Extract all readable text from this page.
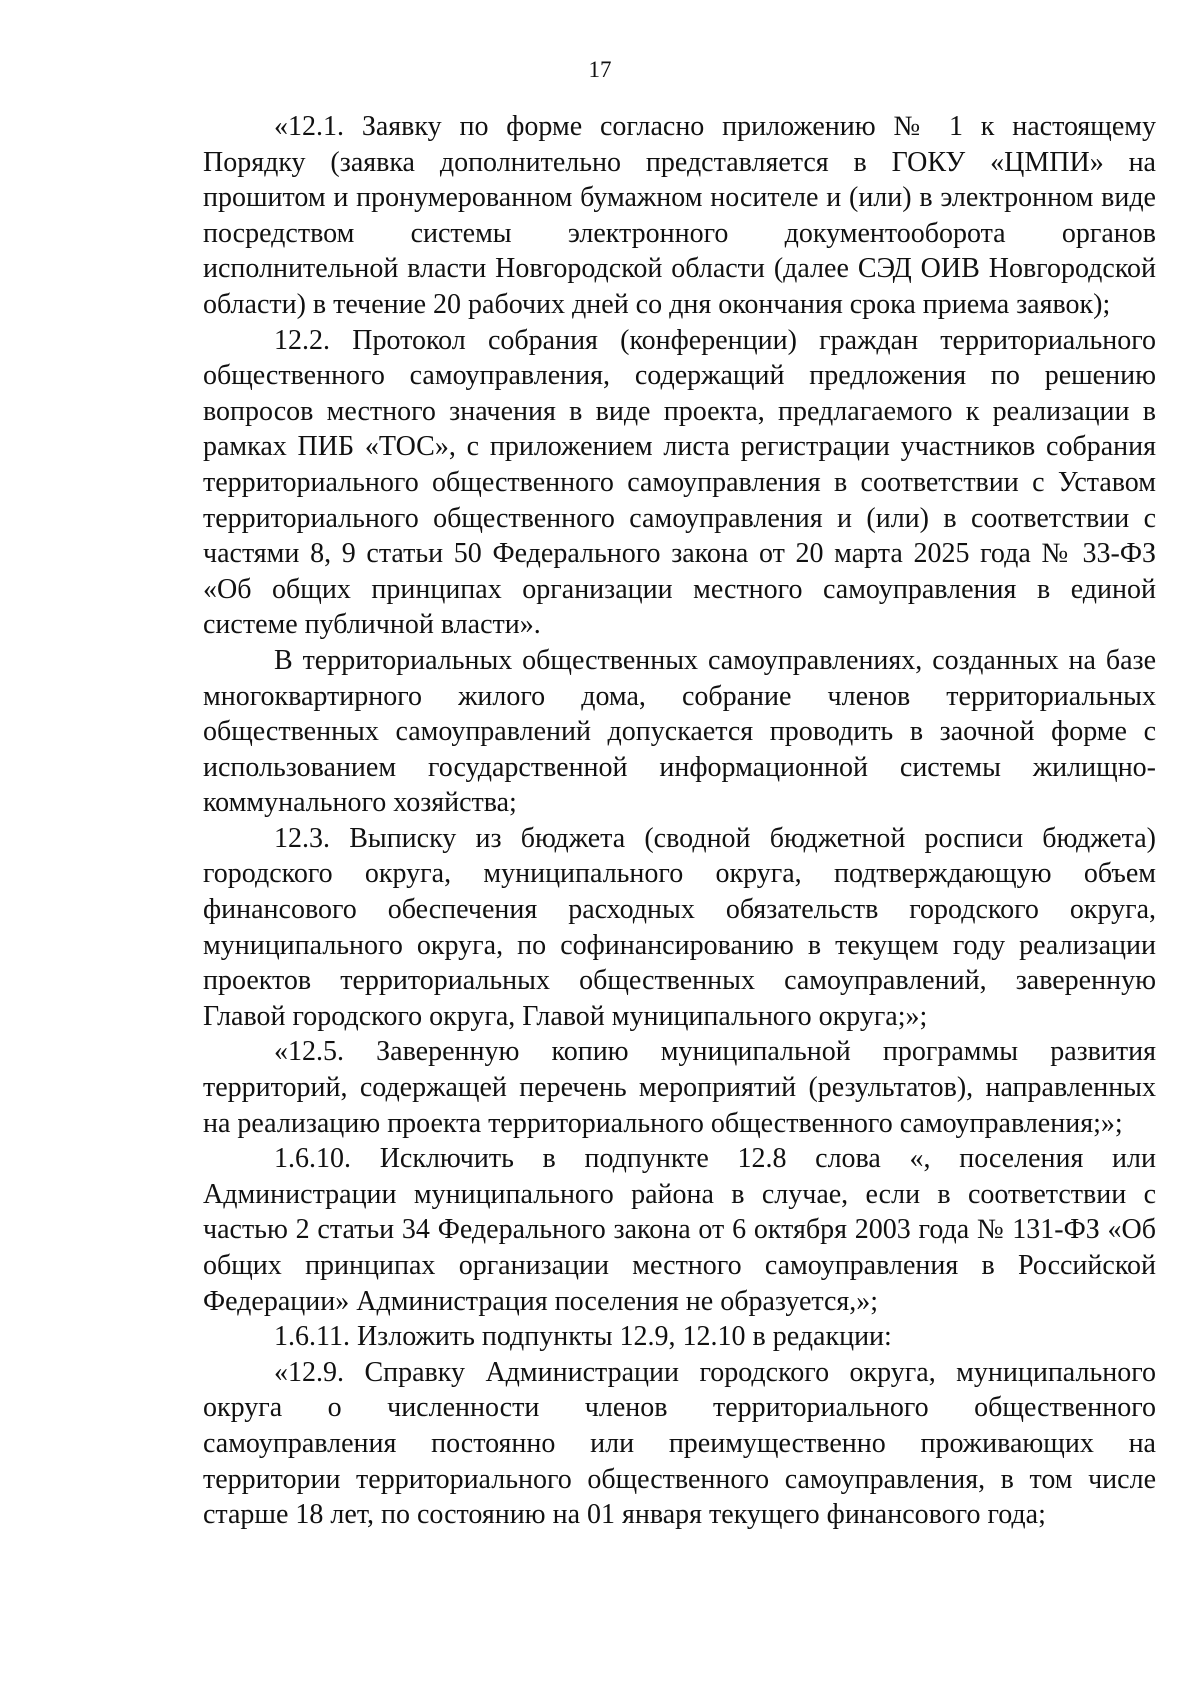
17

«12.1. Заявку по форме согласно приложению № 1 к настоящему Порядку (заявка дополнительно представляется в ГОКУ «ЦМПИ» на прошитом и пронумерованном бумажном носителе и (или) в электронном виде посредством системы электронного документооборота органов исполнительной власти Новгородской области (далее СЭД ОИВ Новгородской области) в течение 20 рабочих дней со дня окончания срока приема заявок);

12.2. Протокол собрания (конференции) граждан территориального общественного самоуправления, содержащий предложения по решению вопросов местного значения в виде проекта, предлагаемого к реализации в рамках ПИБ «ТОС», с приложением листа регистрации участников собрания территориального общественного самоуправления в соответствии с Уставом территориального общественного самоуправления и (или) в соответствии с частями 8, 9 статьи 50 Федерального закона от 20 марта 2025 года № 33-ФЗ «Об общих принципах организации местного самоуправления в единой системе публичной власти».

В территориальных общественных самоуправлениях, созданных на базе многоквартирного жилого дома, собрание членов территориальных общественных самоуправлений допускается проводить в заочной форме с использованием государственной информационной системы жилищно-коммунального хозяйства;

12.3. Выписку из бюджета (сводной бюджетной росписи бюджета) городского округа, муниципального округа, подтверждающую объем финансового обеспечения расходных обязательств городского округа, муниципального округа, по софинансированию в текущем году реализации проектов территориальных общественных самоуправлений, заверенную Главой городского округа, Главой муниципального округа;»;

«12.5. Заверенную копию муниципальной программы развития территорий, содержащей перечень мероприятий (результатов), направленных на реализацию проекта территориального общественного самоуправления;»;

1.6.10. Исключить в подпункте 12.8 слова «, поселения или Администрации муниципального района в случае, если в соответствии с частью 2 статьи 34 Федерального закона от 6 октября 2003 года № 131-ФЗ «Об общих принципах организации местного самоуправления в Российской Федерации» Администрация поселения не образуется,»;

1.6.11. Изложить подпункты 12.9, 12.10 в редакции:

«12.9. Справку Администрации городского округа, муниципального округа о численности членов территориального общественного самоуправления постоянно или преимущественно проживающих на территории территориального общественного самоуправления, в том числе старше 18 лет, по состоянию на 01 января текущего финансового года;
